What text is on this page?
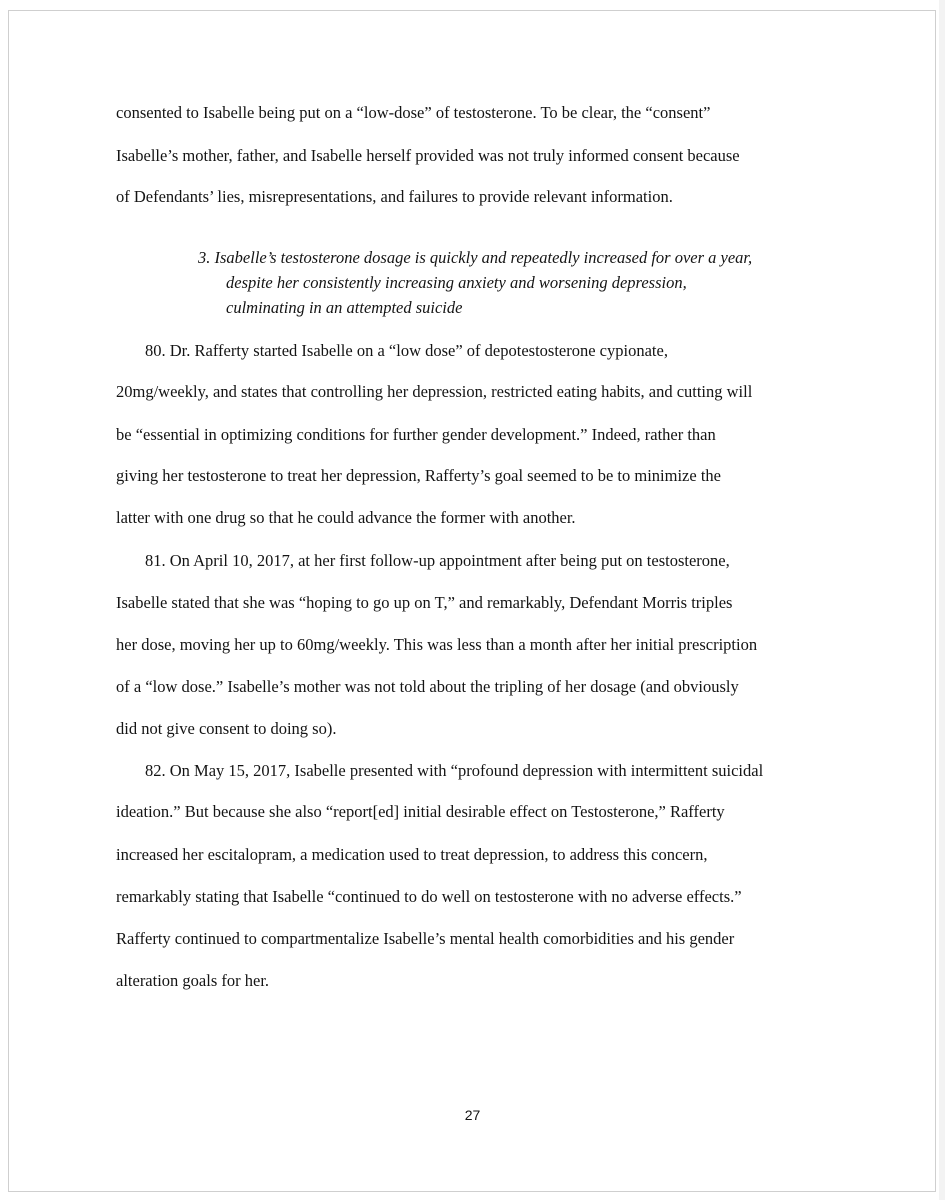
consented to Isabelle being put on a “low-dose” of testosterone. To be clear, the “consent”
Isabelle’s mother, father, and Isabelle herself provided was not truly informed consent because
of Defendants’ lies, misrepresentations, and failures to provide relevant information.
3. Isabelle’s testosterone dosage is quickly and repeatedly increased for over a year,
despite her consistently increasing anxiety and worsening depression,
culminating in an attempted suicide
80. Dr. Rafferty started Isabelle on a “low dose” of depotestosterone cypionate,
20mg/weekly, and states that controlling her depression, restricted eating habits, and cutting will
be “essential in optimizing conditions for further gender development.” Indeed, rather than
giving her testosterone to treat her depression, Rafferty’s goal seemed to be to minimize the
latter with one drug so that he could advance the former with another.
81. On April 10, 2017, at her first follow-up appointment after being put on testosterone,
Isabelle stated that she was “hoping to go up on T,” and remarkably, Defendant Morris triples
her dose, moving her up to 60mg/weekly. This was less than a month after her initial prescription
of a “low dose.” Isabelle’s mother was not told about the tripling of her dosage (and obviously
did not give consent to doing so).
82. On May 15, 2017, Isabelle presented with “profound depression with intermittent suicidal
ideation.” But because she also “report[ed] initial desirable effect on Testosterone,” Rafferty
increased her escitalopram, a medication used to treat depression, to address this concern,
remarkably stating that Isabelle “continued to do well on testosterone with no adverse effects.”
Rafferty continued to compartmentalize Isabelle’s mental health comorbidities and his gender
alteration goals for her.
27
